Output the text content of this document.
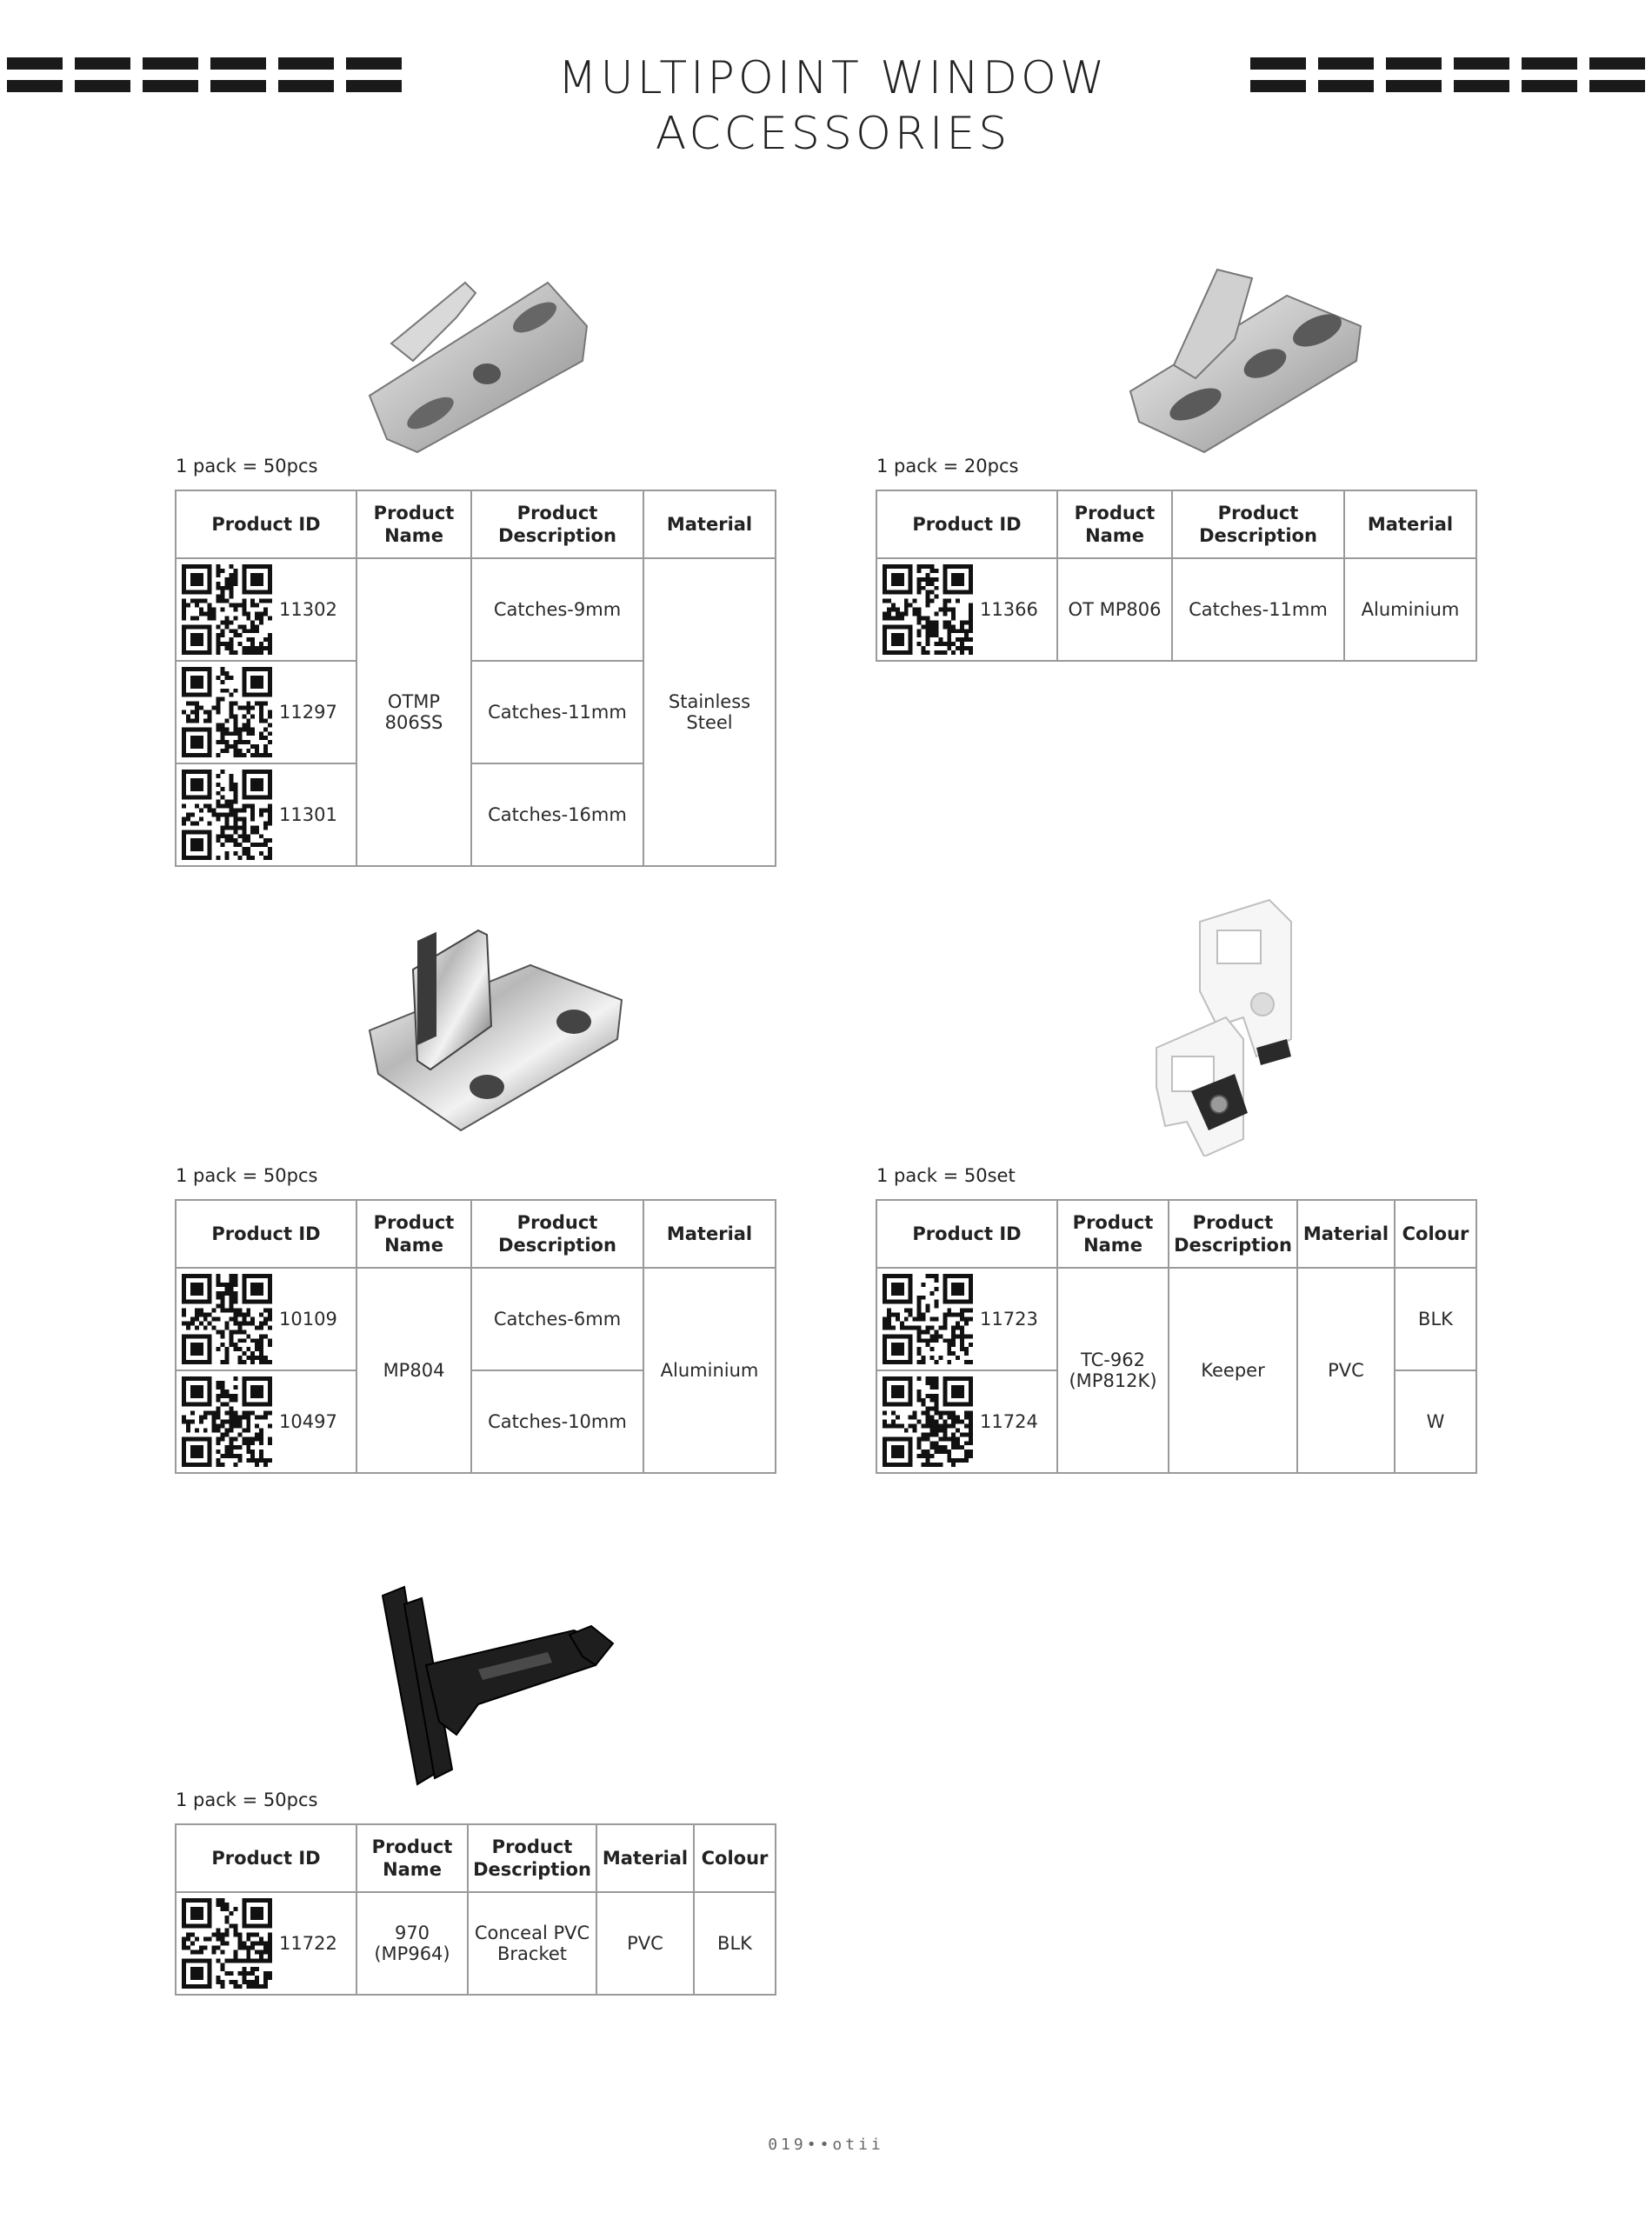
MULTIPOINT WINDOW ACCESSORIES
1 pack = 50pcs
Product ID	Product Name	Product Description	Material

11302	OTMP 806SS	Catches-9mm	Stainless Steel

11297		Catches-11mm	

11301		Catches-16mm	
1 pack = 20pcs
Product ID	Product Name	Product Description	Material

11366	OT MP806	Catches-11mm	Aluminium
1 pack = 50pcs
Product ID	Product Name	Product Description	Material

10109	MP804	Catches-6mm	Aluminium

10497		Catches-10mm	
1 pack = 50set
Product ID	Product Name	Product Description	Material	Colour

11723	TC-962 (MP812K)	Keeper	PVC	BLK

11724				W
1 pack = 50pcs
Product ID	Product Name	Product Description	Material	Colour

11722	970 (MP964)	Conceal PVC Bracket	PVC	BLK
019••otii
